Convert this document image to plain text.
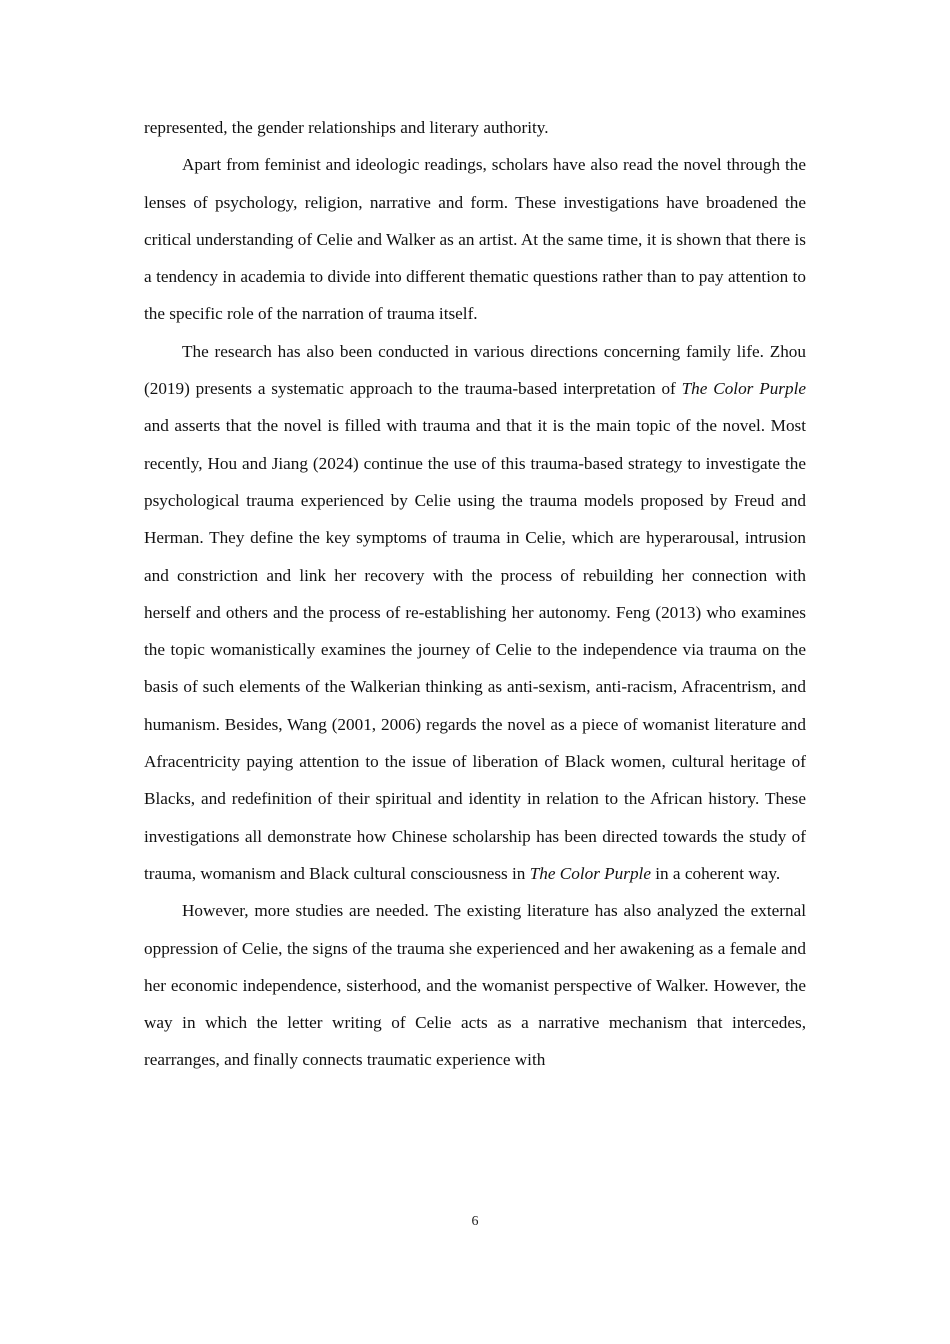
represented, the gender relationships and literary authority.

Apart from feminist and ideologic readings, scholars have also read the novel through the lenses of psychology, religion, narrative and form. These investigations have broadened the critical understanding of Celie and Walker as an artist. At the same time, it is shown that there is a tendency in academia to divide into different thematic questions rather than to pay attention to the specific role of the narration of trauma itself.

The research has also been conducted in various directions concerning family life. Zhou (2019) presents a systematic approach to the trauma-based interpretation of The Color Purple and asserts that the novel is filled with trauma and that it is the main topic of the novel. Most recently, Hou and Jiang (2024) continue the use of this trauma-based strategy to investigate the psychological trauma experienced by Celie using the trauma models proposed by Freud and Herman. They define the key symptoms of trauma in Celie, which are hyperarousal, intrusion and constriction and link her recovery with the process of rebuilding her connection with herself and others and the process of re-establishing her autonomy. Feng (2013) who examines the topic womanistically examines the journey of Celie to the independence via trauma on the basis of such elements of the Walkerian thinking as anti-sexism, anti-racism, Afracentrism, and humanism. Besides, Wang (2001, 2006) regards the novel as a piece of womanist literature and Afracentricity paying attention to the issue of liberation of Black women, cultural heritage of Blacks, and redefinition of their spiritual and identity in relation to the African history. These investigations all demonstrate how Chinese scholarship has been directed towards the study of trauma, womanism and Black cultural consciousness in The Color Purple in a coherent way.

However, more studies are needed. The existing literature has also analyzed the external oppression of Celie, the signs of the trauma she experienced and her awakening as a female and her economic independence, sisterhood, and the womanist perspective of Walker. However, the way in which the letter writing of Celie acts as a narrative mechanism that intercedes, rearranges, and finally connects traumatic experience with

6
